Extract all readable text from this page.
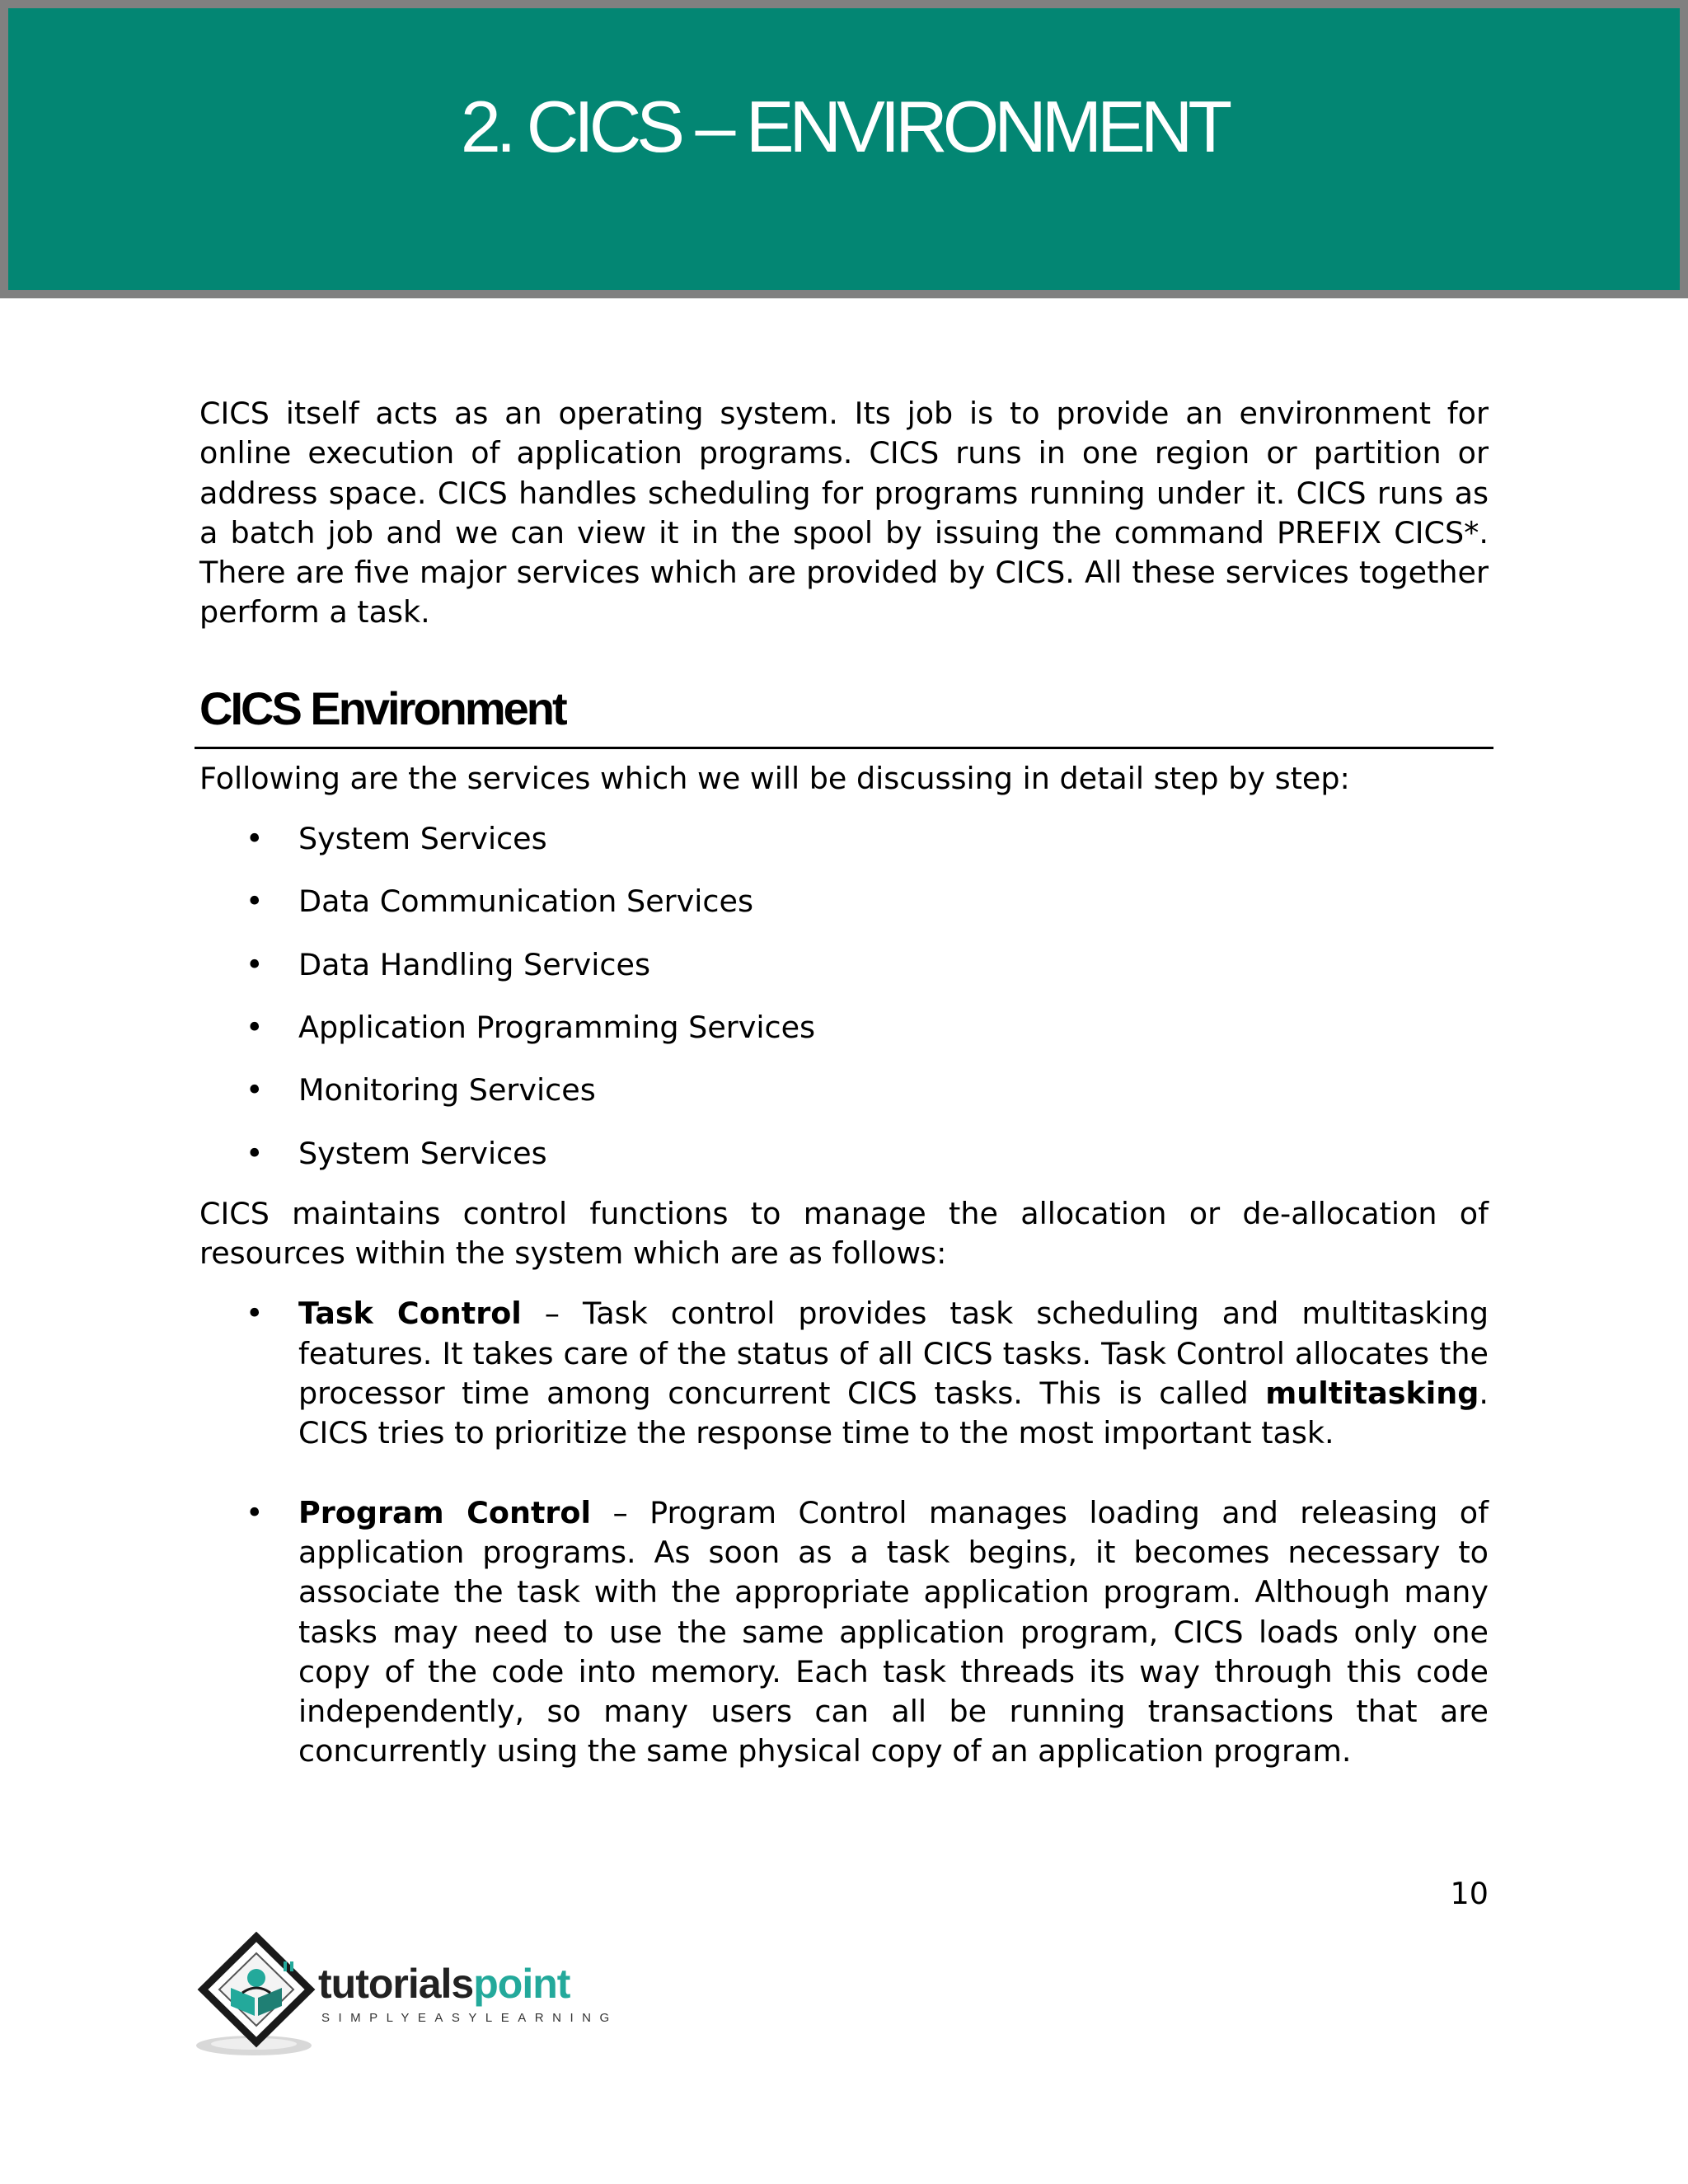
2. CICS – ENVIRONMENT

CICS itself acts as an operating system. Its job is to provide an environment for online execution of application programs. CICS runs in one region or partition or address space. CICS handles scheduling for programs running under it. CICS runs as a batch job and we can view it in the spool by issuing the command PREFIX CICS*. There are five major services which are provided by CICS. All these services together perform a task.

CICS Environment

Following are the services which we will be discussing in detail step by step:

• System Services
• Data Communication Services
• Data Handling Services
• Application Programming Services
• Monitoring Services
• System Services

CICS maintains control functions to manage the allocation or de-allocation of resources within the system which are as follows:

• Task Control – Task control provides task scheduling and multitasking features. It takes care of the status of all CICS tasks. Task Control allocates the processor time among concurrent CICS tasks. This is called multitasking. CICS tries to prioritize the response time to the most important task.
• Program Control – Program Control manages loading and releasing of application programs. As soon as a task begins, it becomes necessary to associate the task with the appropriate application program. Although many tasks may need to use the same application program, CICS loads only one copy of the code into memory. Each task threads its way through this code independently, so many users can all be running transactions that are concurrently using the same physical copy of an application program.
10
tutorialspoint
SIMPLYEASYLEARNING
